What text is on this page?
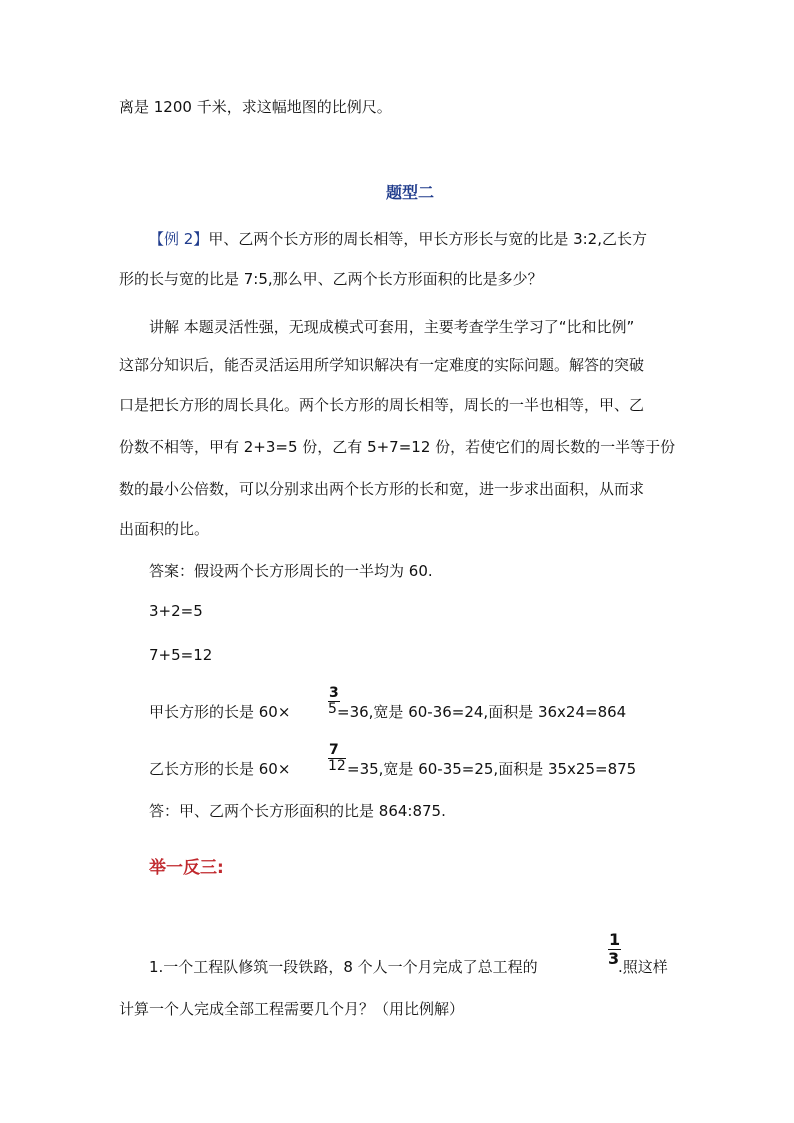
离是 1200 千米，求这幅地图的比例尺。
题型二
【例 2】甲、乙两个长方形的周长相等，甲长方形长与宽的比是 3:2,乙长方
形的长与宽的比是 7:5,那么甲、乙两个长方形面积的比是多少？
讲解 本题灵活性强，无现成模式可套用，主要考查学生学习了“比和比例”
这部分知识后，能否灵活运用所学知识解决有一定难度的实际问题。解答的突破
口是把长方形的周长具化。两个长方形的周长相等，周长的一半也相等，甲、乙
份数不相等，甲有 2+3=5 份，乙有 5+7=12 份，若使它们的周长数的一半等于份
数的最小公倍数，可以分别求出两个长方形的长和宽，进一步求出面积，从而求
出面积的比。
答案：假设两个长方形周长的一半均为 60.
3+2=5
7+5=12
甲长方形的长是 60×
3
5 =36,宽是 60-36=24,面积是 36x24=864
乙长方形的长是 60×
7
12 =35,宽是 60-35=25,面积是 35x25=875
答：甲、乙两个长方形面积的比是 864:875.
举一反三:
1.一个工程队修筑一段铁路，8 个人一个月完成了总工程的
1
3
.照这样
计算一个人完成全部工程需要几个月？（用比例解）
